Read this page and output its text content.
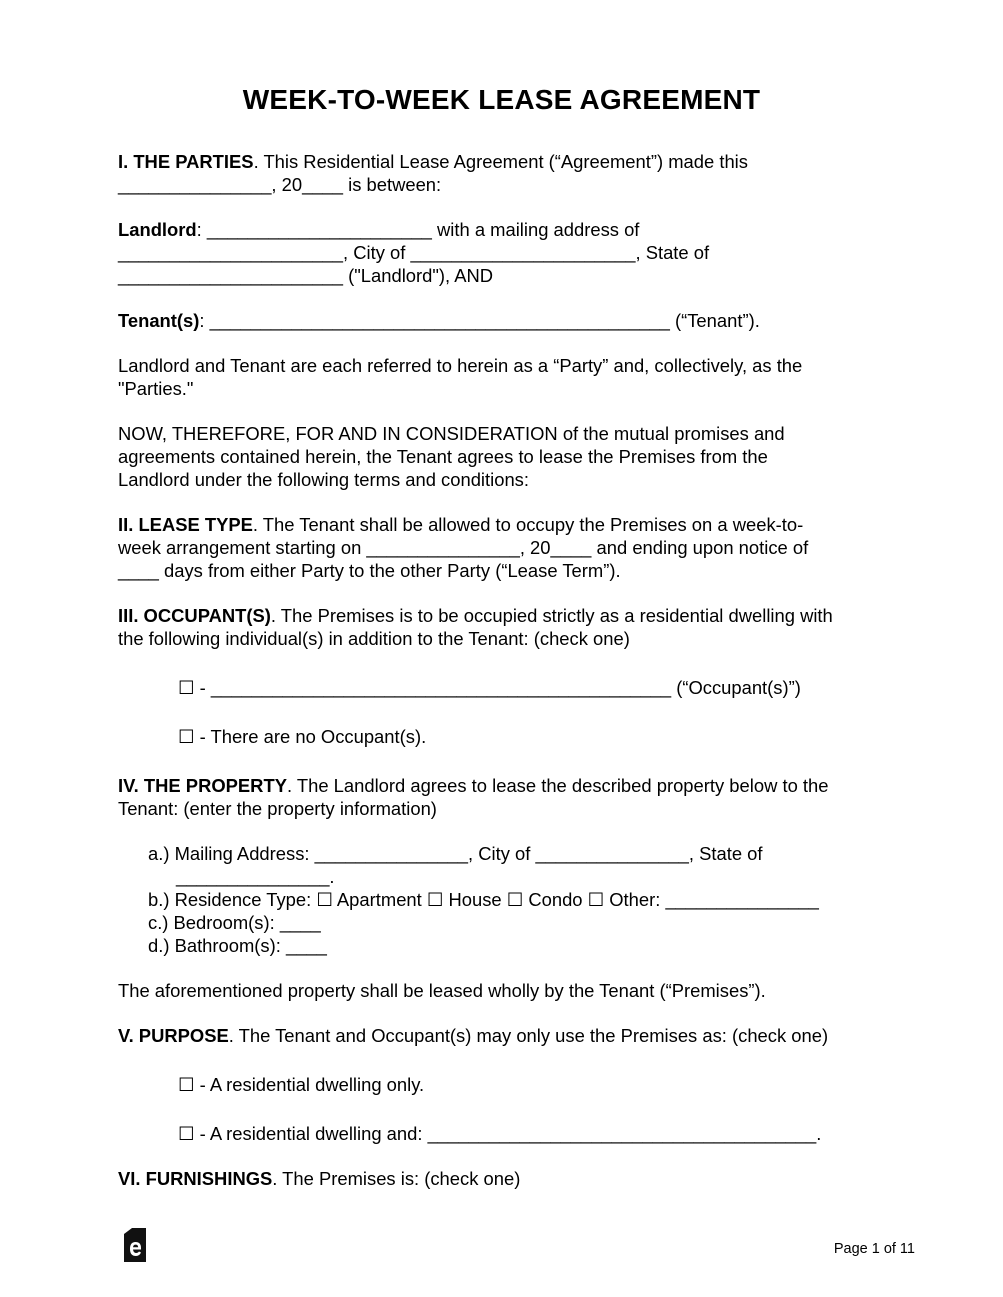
WEEK-TO-WEEK LEASE AGREEMENT
I. THE PARTIES. This Residential Lease Agreement (“Agreement”) made this
_______________, 20____ is between:
Landlord: ______________________ with a mailing address of
______________________, City of ______________________, State of
______________________ ("Landlord"), AND
Tenant(s): _____________________________________________ (“Tenant”).
Landlord and Tenant are each referred to herein as a “Party” and, collectively, as the
"Parties."
NOW, THEREFORE, FOR AND IN CONSIDERATION of the mutual promises and
agreements contained herein, the Tenant agrees to lease the Premises from the
Landlord under the following terms and conditions:
II. LEASE TYPE. The Tenant shall be allowed to occupy the Premises on a week-to-
week arrangement starting on _______________, 20____ and ending upon notice of
____ days from either Party to the other Party (“Lease Term”).
III. OCCUPANT(S). The Premises is to be occupied strictly as a residential dwelling with
the following individual(s) in addition to the Tenant: (check one)
☐ - _____________________________________________ (“Occupant(s)”)
☐ - There are no Occupant(s).
IV. THE PROPERTY. The Landlord agrees to lease the described property below to the
Tenant: (enter the property information)
a.) Mailing Address: _______________, City of _______________, State of
_______________.
b.) Residence Type: ☐ Apartment ☐ House ☐ Condo ☐ Other: _______________
c.) Bedroom(s): ____
d.) Bathroom(s): ____
The aforementioned property shall be leased wholly by the Tenant (“Premises”).
V. PURPOSE. The Tenant and Occupant(s) may only use the Premises as: (check one)
☐ - A residential dwelling only.
☐ - A residential dwelling and: ______________________________________.
VI. FURNISHINGS. The Premises is: (check one)
Page 1 of 11
